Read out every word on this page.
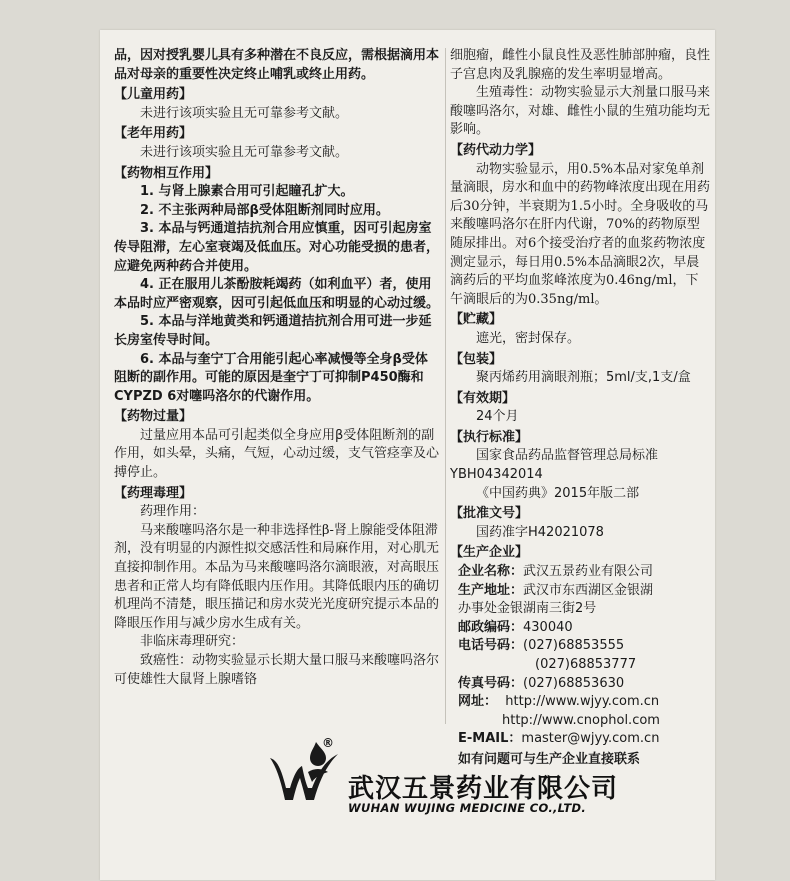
品，因对授乳婴儿具有多种潜在不良反应，需根据滴用本品对母亲的重要性决定终止哺乳或终止用药。

【儿童用药】

未进行该项实验且无可靠参考文献。

【老年用药】

未进行该项实验且无可靠参考文献。

【药物相互作用】

1. 与肾上腺素合用可引起瞳孔扩大。

2. 不主张两种局部β受体阻断剂同时应用。

3. 本品与钙通道拮抗剂合用应慎重，因可引起房室传导阻滞，左心室衰竭及低血压。对心功能受损的患者，应避免两种药合并使用。

4. 正在服用儿茶酚胺耗竭药（如利血平）者，使用本品时应严密观察，因可引起低血压和明显的心动过缓。

5. 本品与洋地黄类和钙通道拮抗剂合用可进一步延长房室传导时间。

6. 本品与奎宁丁合用能引起心率减慢等全身β受体阻断的副作用。可能的原因是奎宁丁可抑制P450酶和CYPZD 6对噻吗洛尔的代谢作用。

【药物过量】

过量应用本品可引起类似全身应用β受体阻断剂的副作用，如头晕，头痛，气短，心动过缓，支气管痉挛及心搏停止。

【药理毒理】

药理作用：

马来酸噻吗洛尔是一种非选择性β-肾上腺能受体阻滞剂，没有明显的内源性拟交感活性和局麻作用，对心肌无直接抑制作用。本品为马来酸噻吗洛尔滴眼液，对高眼压患者和正常人均有降低眼内压作用。其降低眼内压的确切机理尚不清楚，眼压描记和房水荧光光度研究提示本品的降眼压作用与减少房水生成有关。

非临床毒理研究：

致癌性：动物实验显示长期大量口服马来酸噻吗洛尔可使雄性大鼠肾上腺嗜铬

细胞瘤，雌性小鼠良性及恶性肺部肿瘤，良性子宫息肉及乳腺癌的发生率明显增高。

生殖毒性：动物实验显示大剂量口服马来酸噻吗洛尔，对雄、雌性小鼠的生殖功能均无影响。

【药代动力学】

动物实验显示，用0.5%本品对家兔单剂量滴眼，房水和血中的药物峰浓度出现在用药后30分钟，半衰期为1.5小时。全身吸收的马来酸噻吗洛尔在肝内代谢，70%的药物原型随尿排出。对6个接受治疗者的血浆药物浓度测定显示，每日用0.5%本品滴眼2次，早晨滴药后的平均血浆峰浓度为0.46ng/ml，下午滴眼后的为0.35ng/ml。

【贮藏】

遮光，密封保存。

【包装】

聚丙烯药用滴眼剂瓶；5ml/支,1支/盒

【有效期】

24个月

【执行标准】

国家食品药品监督管理总局标准

YBH04342014

《中国药典》2015年版二部

【批准文号】

国药准字H42021078

【生产企业】

企业名称：武汉五景药业有限公司
生产地址：武汉市东西湖区金银湖
办事处金银湖南三街2号
邮政编码：430040
电话号码：(027)68853555
(027)68853777
传真号码：(027)68853630
网址： http://www.wjyy.com.cn
http://www.cnophol.com
E-MAIL：master@wjyy.com.cn

如有问题可与生产企业直接联系

®
武汉五景药业有限公司
WUHAN WUJING MEDICINE CO.,LTD.
